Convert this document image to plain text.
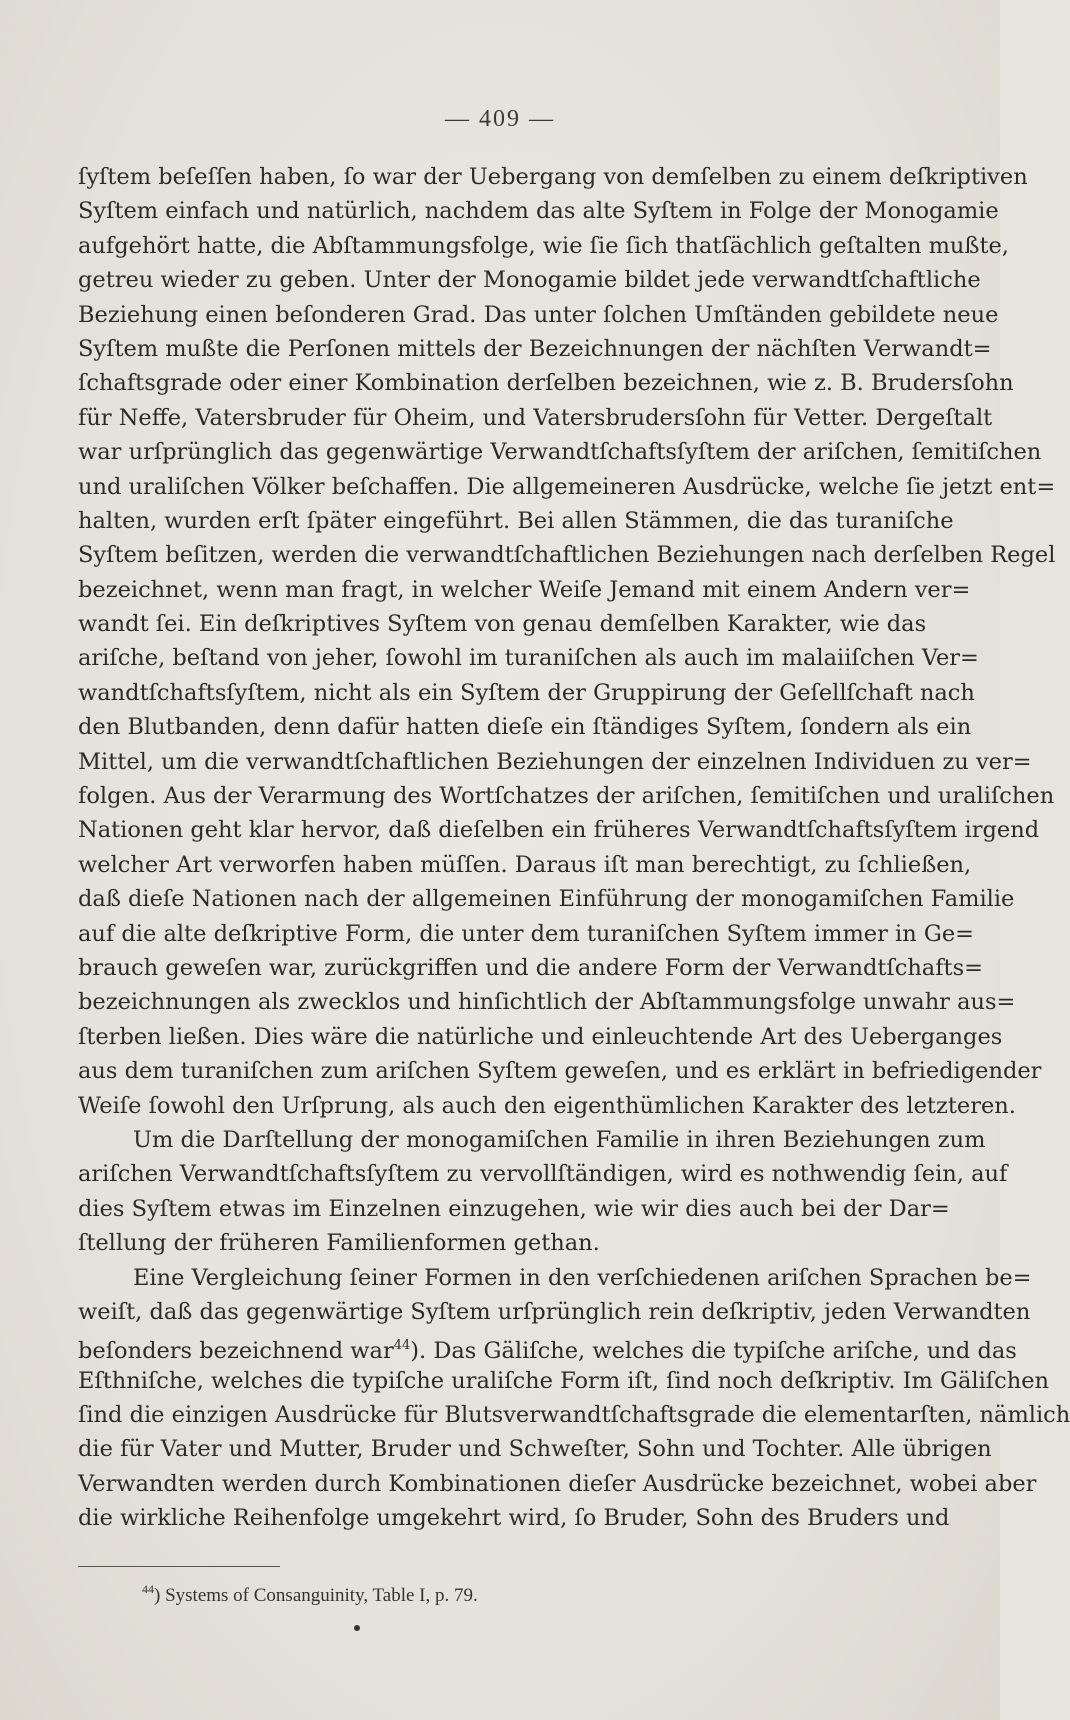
— 409 —
ſyſtem beſeſſen haben, ſo war der Uebergang von demſelben zu einem deſkriptiven
Syſtem einfach und natürlich, nachdem das alte Syſtem in Folge der Monogamie
aufgehört hatte, die Abſtammungsfolge, wie ſie ſich thatſächlich geſtalten mußte,
getreu wieder zu geben. Unter der Monogamie bildet jede verwandtſchaftliche
Beziehung einen beſonderen Grad. Das unter ſolchen Umſtänden gebildete neue
Syſtem mußte die Perſonen mittels der Bezeichnungen der nächſten Verwandt=
ſchaftsgrade oder einer Kombination derſelben bezeichnen, wie z. B. Brudersſohn
für Neffe, Vatersbruder für Oheim, und Vatersbrudersſohn für Vetter. Dergeſtalt
war urſprünglich das gegenwärtige Verwandtſchaftsſyſtem der ariſchen, ſemitiſchen
und uraliſchen Völker beſchaffen. Die allgemeineren Ausdrücke, welche ſie jetzt ent=
halten, wurden erſt ſpäter eingeführt. Bei allen Stämmen, die das turaniſche
Syſtem beſitzen, werden die verwandtſchaftlichen Beziehungen nach derſelben Regel
bezeichnet, wenn man fragt, in welcher Weiſe Jemand mit einem Andern ver=
wandt ſei. Ein deſkriptives Syſtem von genau demſelben Karakter, wie das
ariſche, beſtand von jeher, ſowohl im turaniſchen als auch im malaiiſchen Ver=
wandtſchaftsſyſtem, nicht als ein Syſtem der Gruppirung der Geſellſchaft nach
den Blutbanden, denn dafür hatten dieſe ein ſtändiges Syſtem, ſondern als ein
Mittel, um die verwandtſchaftlichen Beziehungen der einzelnen Individuen zu ver=
folgen. Aus der Verarmung des Wortſchatzes der ariſchen, ſemitiſchen und uraliſchen
Nationen geht klar hervor, daß dieſelben ein früheres Verwandtſchaftsſyſtem irgend
welcher Art verworfen haben müſſen. Daraus iſt man berechtigt, zu ſchließen,
daß dieſe Nationen nach der allgemeinen Einführung der monogamiſchen Familie
auf die alte deſkriptive Form, die unter dem turaniſchen Syſtem immer in Ge=
brauch geweſen war, zurückgriffen und die andere Form der Verwandtſchafts=
bezeichnungen als zwecklos und hinſichtlich der Abſtammungsfolge unwahr aus=
ſterben ließen. Dies wäre die natürliche und einleuchtende Art des Ueberganges
aus dem turaniſchen zum ariſchen Syſtem geweſen, und es erklärt in befriedigender
Weiſe ſowohl den Urſprung, als auch den eigenthümlichen Karakter des letzteren.
Um die Darſtellung der monogamiſchen Familie in ihren Beziehungen zum
ariſchen Verwandtſchaftsſyſtem zu vervollſtändigen, wird es nothwendig ſein, auf
dies Syſtem etwas im Einzelnen einzugehen, wie wir dies auch bei der Dar=
ſtellung der früheren Familienformen gethan.
Eine Vergleichung ſeiner Formen in den verſchiedenen ariſchen Sprachen be=
weiſt, daß das gegenwärtige Syſtem urſprünglich rein deſkriptiv, jeden Verwandten
beſonders bezeichnend war$^{44}$). Das Gäliſche, welches die typiſche ariſche, und das
Eſthniſche, welches die typiſche uraliſche Form iſt, ſind noch deſkriptiv. Im Gäliſchen
ſind die einzigen Ausdrücke für Blutsverwandtſchaftsgrade die elementarſten, nämlich
die für Vater und Mutter, Bruder und Schweſter, Sohn und Tochter. Alle übrigen
Verwandten werden durch Kombinationen dieſer Ausdrücke bezeichnet, wobei aber
die wirkliche Reihenfolge umgekehrt wird, ſo Bruder, Sohn des Bruders und
$^{44}$) Systems of Consanguinity, Table I, p. 79.
